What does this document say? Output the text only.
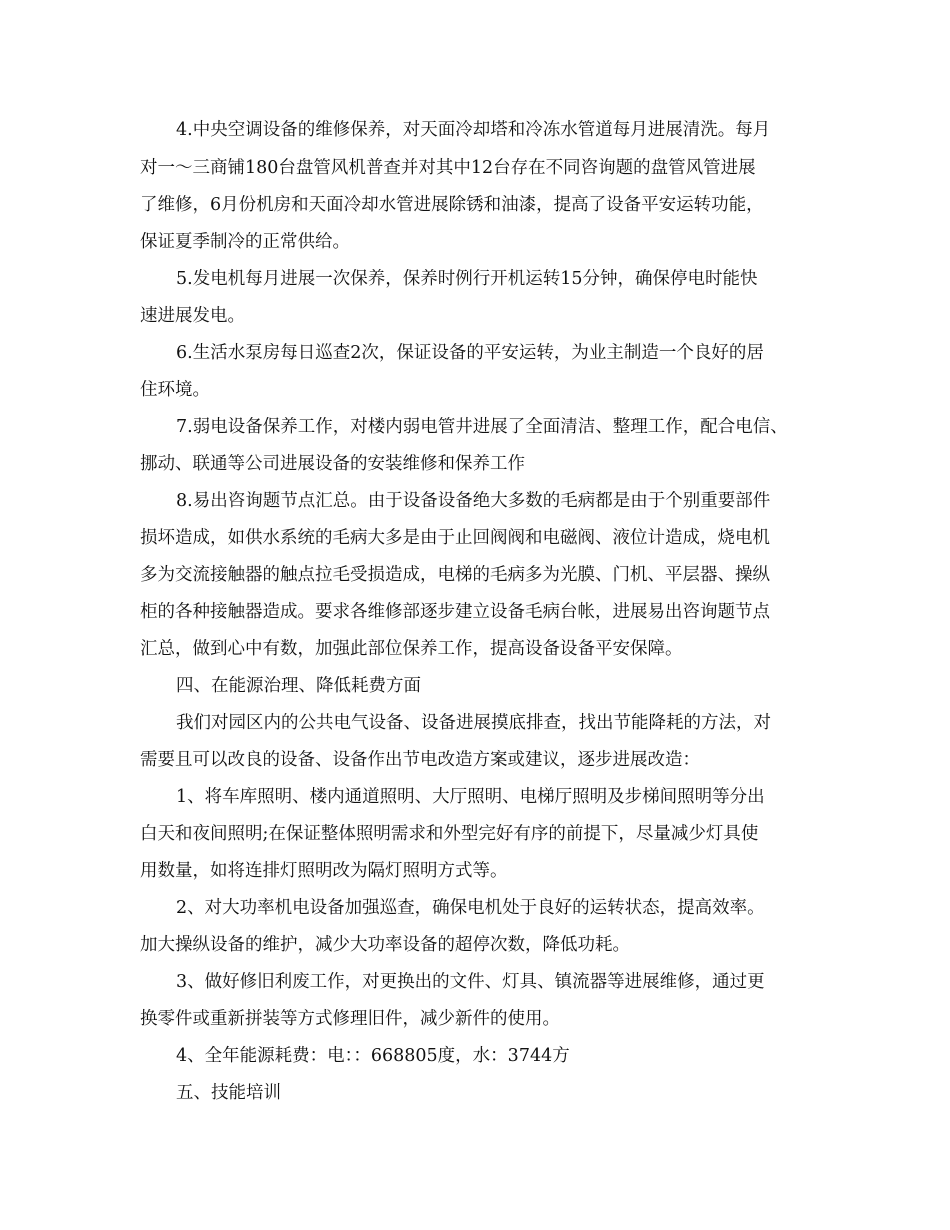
4.中央空调设备的维修保养，对天面冷却塔和冷冻水管道每月进展清洗。每月
对一～三商铺180台盘管风机普查并对其中12台存在不同咨询题的盘管风管进展
了维修，6月份机房和天面冷却水管进展除锈和油漆，提高了设备平安运转功能，
保证夏季制冷的正常供给。
5.发电机每月进展一次保养，保养时例行开机运转15分钟，确保停电时能快
速进展发电。
6.生活水泵房每日巡查2次，保证设备的平安运转，为业主制造一个良好的居
住环境。
7.弱电设备保养工作，对楼内弱电管井进展了全面清洁、整理工作，配合电信、
挪动、联通等公司进展设备的安装维修和保养工作
8.易出咨询题节点汇总。由于设备设备绝大多数的毛病都是由于个别重要部件
损坏造成，如供水系统的毛病大多是由于止回阀阀和电磁阀、液位计造成，烧电机
多为交流接触器的触点拉毛受损造成，电梯的毛病多为光膜、门机、平层器、操纵
柜的各种接触器造成。要求各维修部逐步建立设备毛病台帐，进展易出咨询题节点
汇总，做到心中有数，加强此部位保养工作，提高设备设备平安保障。
四、在能源治理、降低耗费方面
我们对园区内的公共电气设备、设备进展摸底排查，找出节能降耗的方法，对
需要且可以改良的设备、设备作出节电改造方案或建议，逐步进展改造：
1、将车库照明、楼内通道照明、大厅照明、电梯厅照明及步梯间照明等分出
白天和夜间照明;在保证整体照明需求和外型完好有序的前提下，尽量减少灯具使
用数量，如将连排灯照明改为隔灯照明方式等。
2、对大功率机电设备加强巡查，确保电机处于良好的运转状态，提高效率。
加大操纵设备的维护，减少大功率设备的超停次数，降低功耗。
3、做好修旧利废工作，对更换出的文件、灯具、镇流器等进展维修，通过更
换零件或重新拼装等方式修理旧件，减少新件的使用。
4、全年能源耗费：电：：668805度，水：3744方
五、技能培训
